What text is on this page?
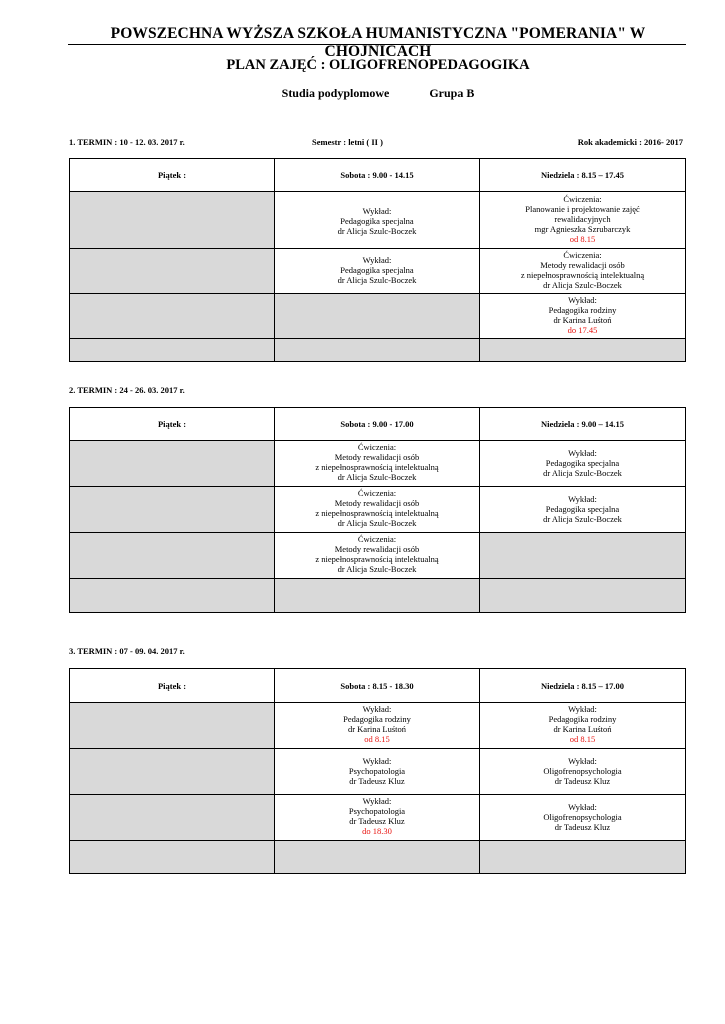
POWSZECHNA WYŻSZA SZKOŁA HUMANISTYCZNA "POMERANIA" W CHOJNICACH
PLAN ZAJĘĆ : OLIGOFRENOPEDAGOGIKA
Studia podyplomowe	Grupa B
1. TERMIN : 10 - 12. 03. 2017 r.	Semestr : letni ( II )	Rok akademicki : 2016- 2017
Piątek :	Sobota : 9.00 - 14.15	Niedziela : 8.15 – 17.45

	Wykład:
Pedagogika specjalna
dr Alicja Szulc-Boczek	Ćwiczenia:
Planowanie i projektowanie zajęć
rewalidacyjnych
mgr Agnieszka Szrubarczyk
od 8.15

	Wykład:
Pedagogika specjalna
dr Alicja Szulc-Boczek	Ćwiczenia:
Metody rewalidacji osób
z niepełnosprawnością intelektualną
dr Alicja Szulc-Boczek

		Wykład:
Pedagogika rodziny
dr Karina Luśtoń
do 17.45

2. TERMIN : 24 - 26. 03. 2017 r.
Piątek :	Sobota : 9.00 - 17.00	Niedziela : 9.00 – 14.15

	Ćwiczenia:
Metody rewalidacji osób
z niepełnosprawnością intelektualną
dr Alicja Szulc-Boczek	Wykład:
Pedagogika specjalna
dr Alicja Szulc-Boczek

	Ćwiczenia:
Metody rewalidacji osób
z niepełnosprawnością intelektualną
dr Alicja Szulc-Boczek	Wykład:
Pedagogika specjalna
dr Alicja Szulc-Boczek

	Ćwiczenia:
Metody rewalidacji osób
z niepełnosprawnością intelektualną
dr Alicja Szulc-Boczek	

3. TERMIN : 07 - 09. 04. 2017 r.
Piątek :	Sobota : 8.15 - 18.30	Niedziela : 8.15 – 17.00

	Wykład:
Pedagogika rodziny
dr Karina Luśtoń
od 8.15	Wykład:
Pedagogika rodziny
dr Karina Luśtoń
od 8.15

	Wykład:
Psychopatologia
dr Tadeusz Kluz	Wykład:
Oligofrenopsychologia
dr Tadeusz Kluz

	Wykład:
Psychopatologia
dr Tadeusz Kluz
do 18.30	Wykład:
Oligofrenopsychologia
dr Tadeusz Kluz
